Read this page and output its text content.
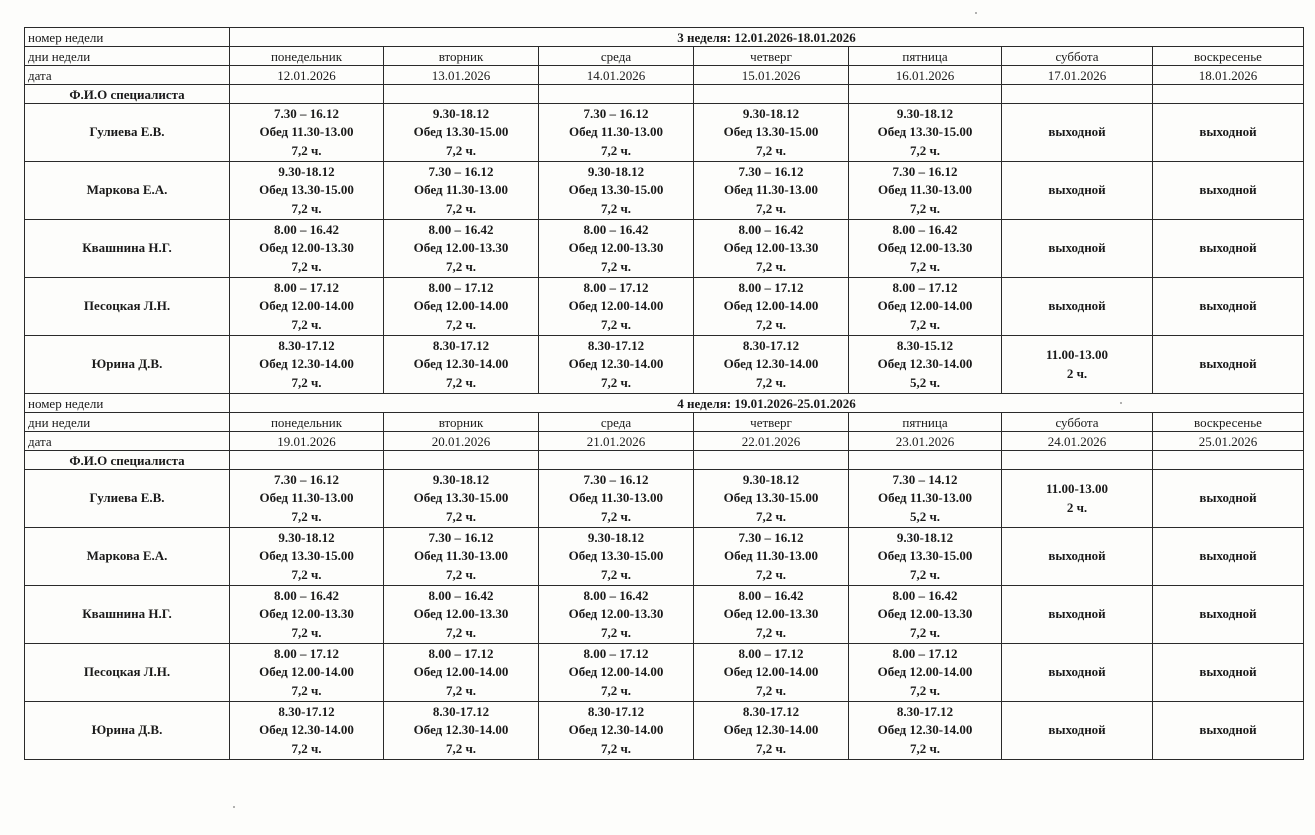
номер недели	3 неделя: 12.01.2026-18.01.2026						
дни недели	понедельник	вторник	среда	четверг	пятница	суббота	воскресенье
дата	12.01.2026	13.01.2026	14.01.2026	15.01.2026	16.01.2026	17.01.2026	18.01.2026
Ф.И.О специалиста							
Гулиева Е.В.	7.30 – 16.12
Обед 11.30-13.00
7,2 ч.	9.30-18.12
Обед 13.30-15.00
7,2 ч.	7.30 – 16.12
Обед 11.30-13.00
7,2 ч.	9.30-18.12
Обед 13.30-15.00
7,2 ч.	9.30-18.12
Обед 13.30-15.00
7,2 ч.	выходной	выходной
Маркова Е.А.	9.30-18.12
Обед 13.30-15.00
7,2 ч.	7.30 – 16.12
Обед 11.30-13.00
7,2 ч.	9.30-18.12
Обед 13.30-15.00
7,2 ч.	7.30 – 16.12
Обед 11.30-13.00
7,2 ч.	7.30 – 16.12
Обед 11.30-13.00
7,2 ч.	выходной	выходной
Квашнина Н.Г.	8.00 – 16.42
Обед 12.00-13.30
7,2 ч.	8.00 – 16.42
Обед 12.00-13.30
7,2 ч.	8.00 – 16.42
Обед 12.00-13.30
7,2 ч.	8.00 – 16.42
Обед 12.00-13.30
7,2 ч.	8.00 – 16.42
Обед 12.00-13.30
7,2 ч.	выходной	выходной
Песоцкая Л.Н.	8.00 – 17.12
Обед 12.00-14.00
7,2 ч.	8.00 – 17.12
Обед 12.00-14.00
7,2 ч.	8.00 – 17.12
Обед 12.00-14.00
7,2 ч.	8.00 – 17.12
Обед 12.00-14.00
7,2 ч.	8.00 – 17.12
Обед 12.00-14.00
7,2 ч.	выходной	выходной
Юрина Д.В.	8.30-17.12
Обед 12.30-14.00
7,2 ч.	8.30-17.12
Обед 12.30-14.00
7,2 ч.	8.30-17.12
Обед 12.30-14.00
7,2 ч.	8.30-17.12
Обед 12.30-14.00
7,2 ч.	8.30-15.12
Обед 12.30-14.00
5,2 ч.	11.00-13.00
2 ч.	выходной
номер недели	4 неделя: 19.01.2026-25.01.2026						
дни недели	понедельник	вторник	среда	четверг	пятница	суббота	воскресенье
дата	19.01.2026	20.01.2026	21.01.2026	22.01.2026	23.01.2026	24.01.2026	25.01.2026
Ф.И.О специалиста							
Гулиева Е.В.	7.30 – 16.12
Обед 11.30-13.00
7,2 ч.	9.30-18.12
Обед 13.30-15.00
7,2 ч.	7.30 – 16.12
Обед 11.30-13.00
7,2 ч.	9.30-18.12
Обед 13.30-15.00
7,2 ч.	7.30 – 14.12
Обед 11.30-13.00
5,2 ч.	11.00-13.00
2 ч.	выходной
Маркова Е.А.	9.30-18.12
Обед 13.30-15.00
7,2 ч.	7.30 – 16.12
Обед 11.30-13.00
7,2 ч.	9.30-18.12
Обед 13.30-15.00
7,2 ч.	7.30 – 16.12
Обед 11.30-13.00
7,2 ч.	9.30-18.12
Обед 13.30-15.00
7,2 ч.	выходной	выходной
Квашнина Н.Г.	8.00 – 16.42
Обед 12.00-13.30
7,2 ч.	8.00 – 16.42
Обед 12.00-13.30
7,2 ч.	8.00 – 16.42
Обед 12.00-13.30
7,2 ч.	8.00 – 16.42
Обед 12.00-13.30
7,2 ч.	8.00 – 16.42
Обед 12.00-13.30
7,2 ч.	выходной	выходной
Песоцкая Л.Н.	8.00 – 17.12
Обед 12.00-14.00
7,2 ч.	8.00 – 17.12
Обед 12.00-14.00
7,2 ч.	8.00 – 17.12
Обед 12.00-14.00
7,2 ч.	8.00 – 17.12
Обед 12.00-14.00
7,2 ч.	8.00 – 17.12
Обед 12.00-14.00
7,2 ч.	выходной	выходной
Юрина Д.В.	8.30-17.12
Обед 12.30-14.00
7,2 ч.	8.30-17.12
Обед 12.30-14.00
7,2 ч.	8.30-17.12
Обед 12.30-14.00
7,2 ч.	8.30-17.12
Обед 12.30-14.00
7,2 ч.	8.30-17.12
Обед 12.30-14.00
7,2 ч.	выходной	выходной
